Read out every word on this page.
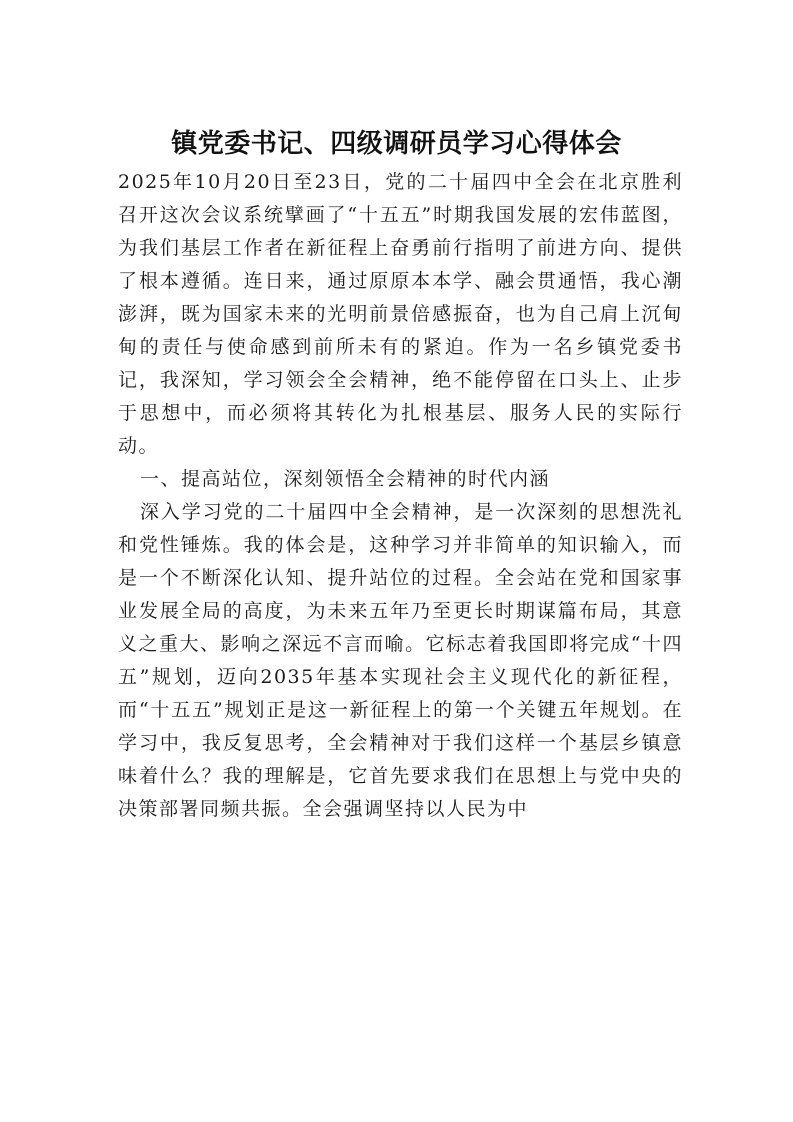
镇党委书记、四级调研员学习心得体会

2025年10月20日至23日，党的二十届四中全会在北京胜利召开这次会议系统擘画了“十五五”时期我国发展的宏伟蓝图，为我们基层工作者在新征程上奋勇前行指明了前进方向、提供了根本遵循。连日来，通过原原本本学、融会贯通悟，我心潮澎湃，既为国家未来的光明前景倍感振奋，也为自己肩上沉甸甸的责任与使命感到前所未有的紧迫。作为一名乡镇党委书记，我深知，学习领会全会精神，绝不能停留在口头上、止步于思想中，而必须将其转化为扎根基层、服务人民的实际行动。

一、提高站位，深刻领悟全会精神的时代内涵

深入学习党的二十届四中全会精神，是一次深刻的思想洗礼和党性锤炼。我的体会是，这种学习并非简单的知识输入，而是一个不断深化认知、提升站位的过程。全会站在党和国家事业发展全局的高度，为未来五年乃至更长时期谋篇布局，其意义之重大、影响之深远不言而喻。它标志着我国即将完成“十四五”规划，迈向2035年基本实现社会主义现代化的新征程，而“十五五”规划正是这一新征程上的第一个关键五年规划。在学习中，我反复思考，全会精神对于我们这样一个基层乡镇意味着什么？我的理解是，它首先要求我们在思想上与党中央的决策部署同频共振。全会强调坚持以人民为中
